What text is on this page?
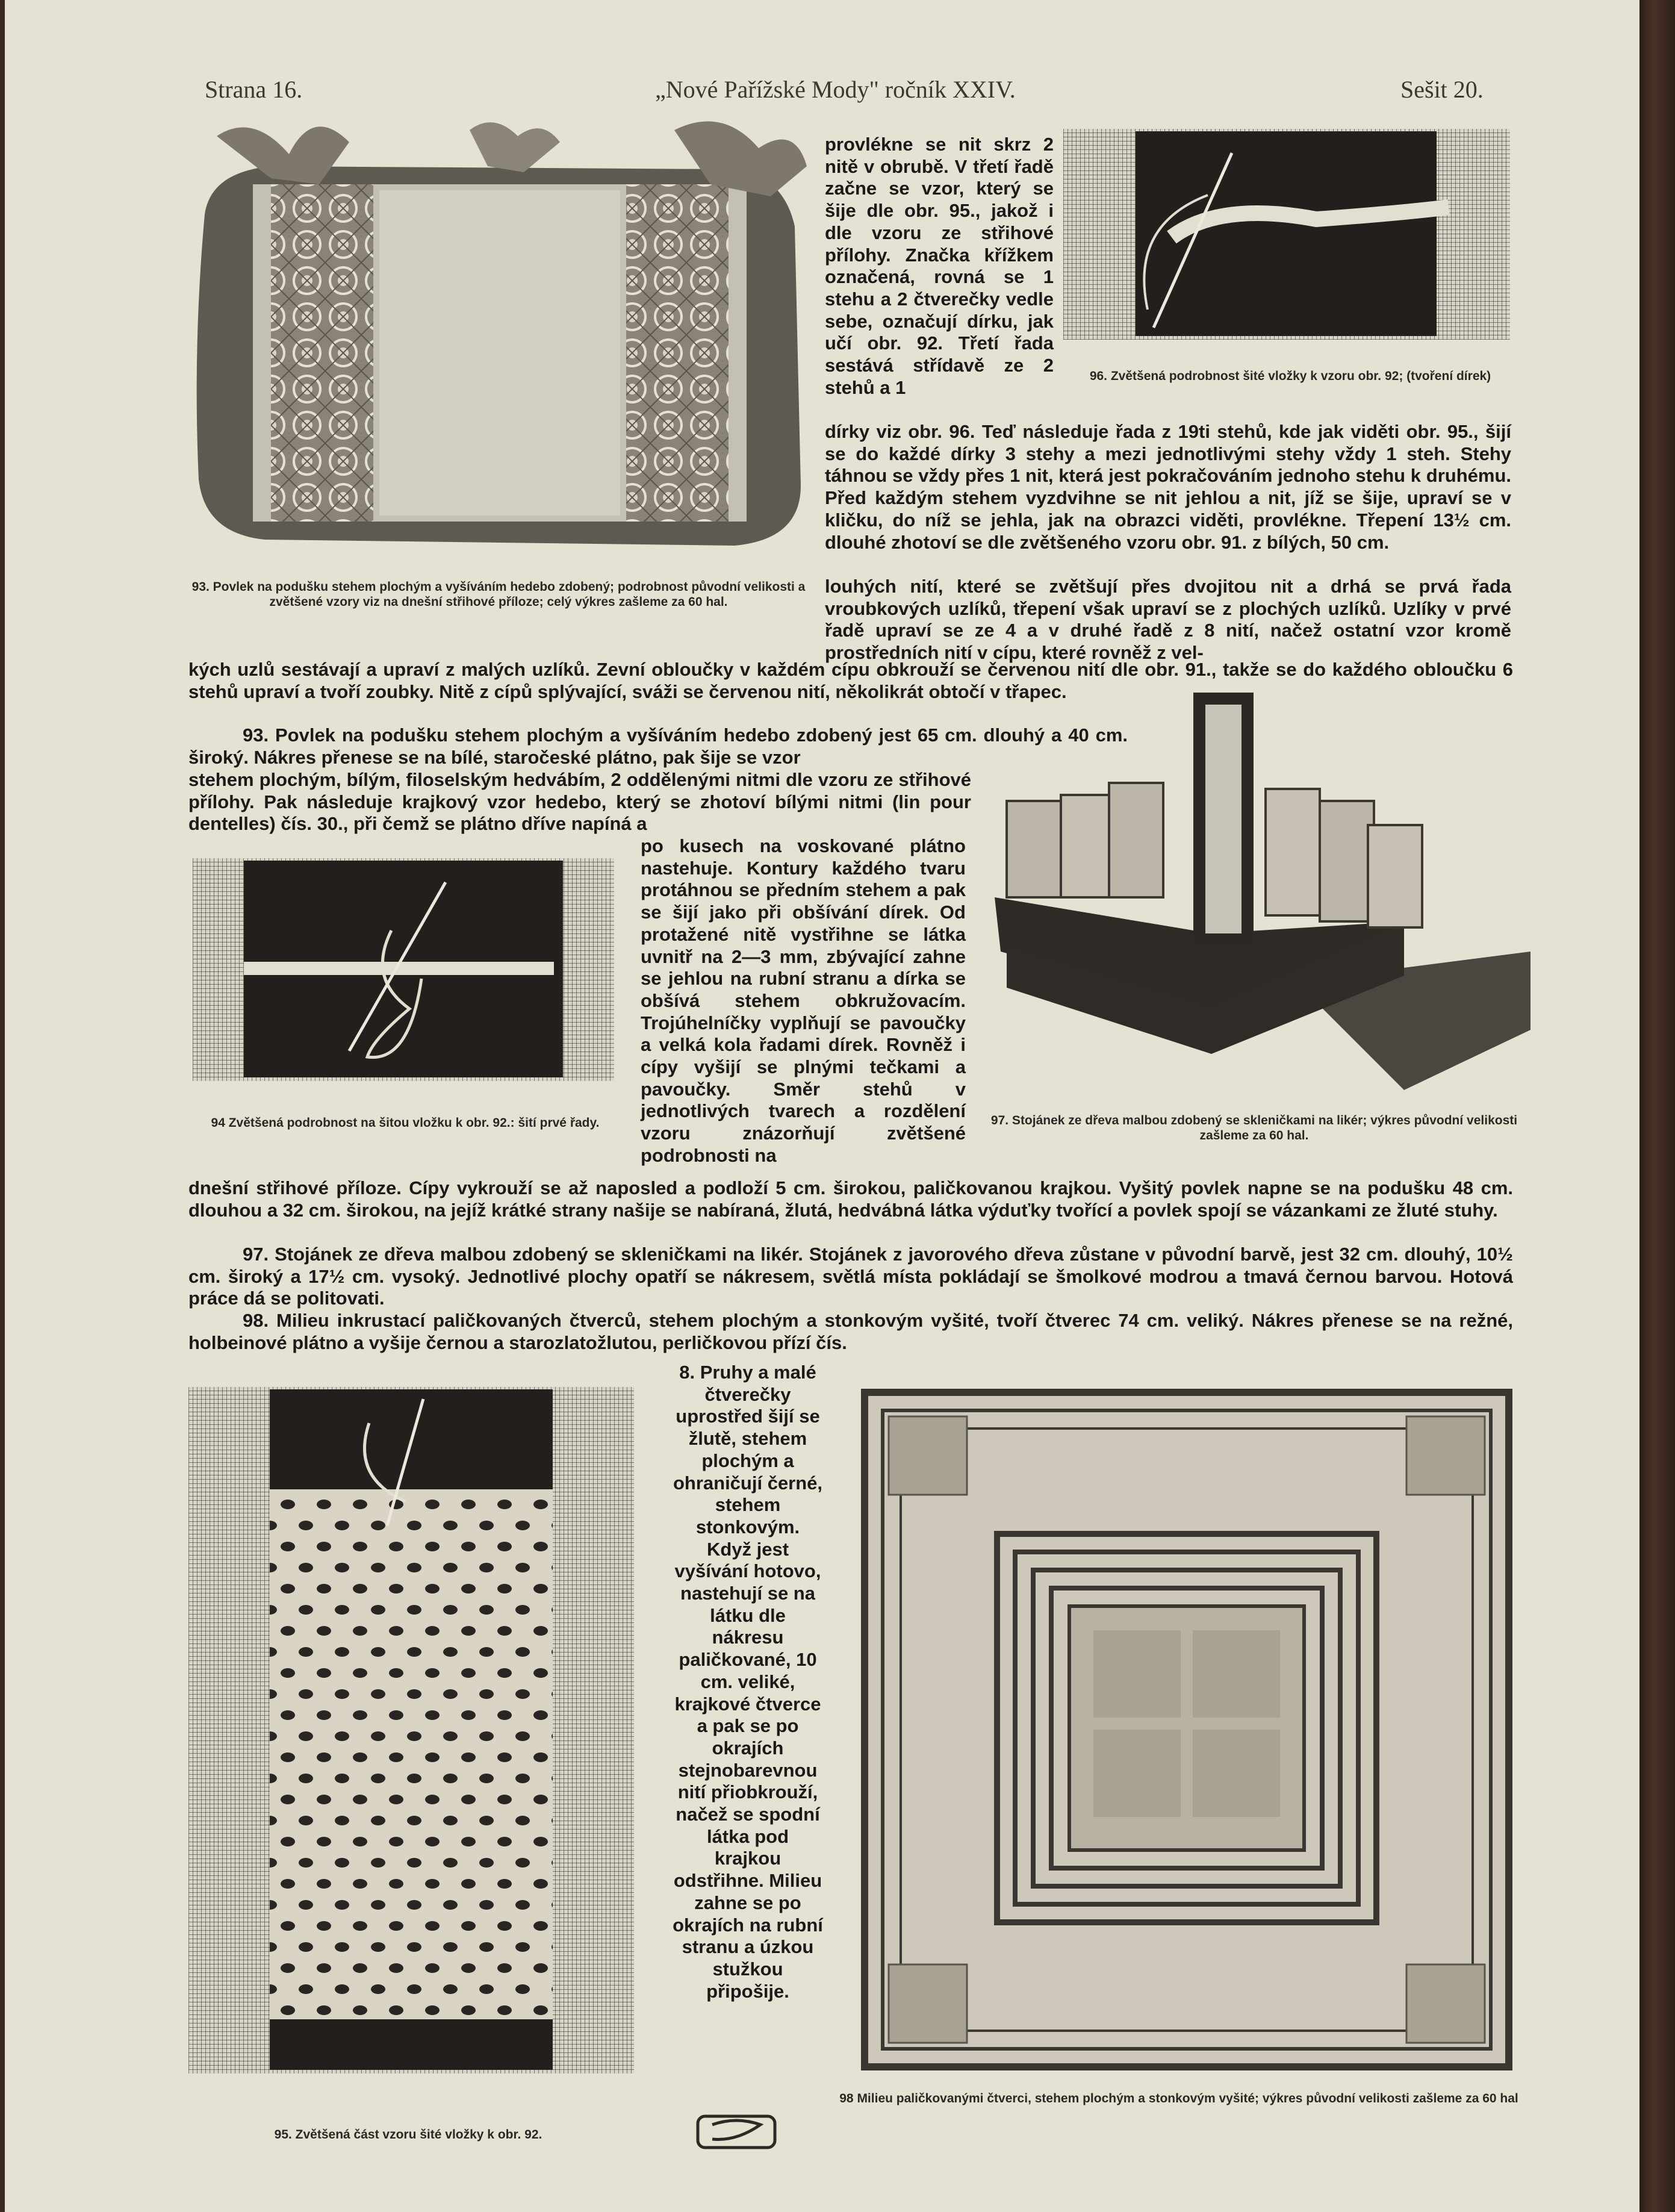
Strana 16.	„Nové Pařížské Mody" ročník XXIV.	Sešit 20.
93. Povlek na podušku stehem plochým a vyšíváním hedebo zdobený; podrobnost původní velikosti a zvětšené vzory viz na dnešní střihové příloze; celý výkres zašleme za 60 hal.

provlékne se nit skrz 2 nitě v obrubě. V třetí řadě začne se vzor, který se šije dle obr. 95., jakož i dle vzoru ze střihové přílohy. Značka křížkem označená, rovná se 1 stehu a 2 čtverečky vedle sebe, označují dírku, jak učí obr. 92. Třetí řada sestává střídavě ze 2 stehů a 1

96. Zvětšená podrobnost šité vložky k vzoru obr. 92; (tvoření dírek)

dírky viz obr. 96. Teď následuje řada z 19ti stehů, kde jak viděti obr. 95., šijí se do každé dírky 3 stehy a mezi jednotlivými stehy vždy 1 steh. Stehy táhnou se vždy přes 1 nit, která jest pokračováním jednoho stehu k druhému. Před každým stehem vyzdvihne se nit jehlou a nit, jíž se šije, upraví se v kličku, do níž se jehla, jak na obrazci viděti, provlékne. Třepení 13½ cm. dlouhé zhotoví se dle zvětšeného vzoru obr. 91. z bílých, 50 cm.

louhých nití, které se zvětšují přes dvojitou nit a drhá se prvá řada vroubkových uzlíků, třepení však upraví se z plochých uzlíků. Uzlíky v prvé řadě upraví se ze 4 a v druhé řadě z 8 nití, načež ostatní vzor kromě prostředních nití v cípu, které rovněž z vel-

kých uzlů sestávají a upraví z malých uzlíků. Zevní obloučky v každém cípu obkrouží se červenou nití dle obr. 91., takže se do každého obloučku 6 stehů upraví a tvoří zoubky. Nitě z cípů splývající, sváži se červenou nití, několikrát obtočí v třapec.

93. Povlek na podušku stehem plochým a vyšíváním hedebo zdobený jest 65 cm. dlouhý a 40 cm. široký. Nákres přenese se na bílé, staročeské plátno, pak šije se vzor

stehem plochým, bílým, filoselským hedvábím, 2 oddělenými nitmi dle vzoru ze střihové přílohy. Pak následuje krajkový vzor hedebo, který se zhotoví bílými nitmi (lin pour dentelles) čís. 30., při čemž se plátno dříve napíná a

94 Zvětšená podrobnost na šitou vložku k obr. 92.: šití prvé řady.

po kusech na voskované plátno nastehuje. Kontury každého tvaru protáhnou se předním stehem a pak se šijí jako při obšívání dírek. Od protažené nitě vystřihne se látka uvnitř na 2—3 mm, zbývající zahne se jehlou na rubní stranu a dírka se obšívá stehem obkružovacím. Trojúhelníčky vyplňují se pavoučky a velká kola řadami dírek. Rovněž i cípy vyšijí se plnými tečkami a pavoučky. Směr stehů v jednotlivých tvarech a rozdělení vzoru znázorňují zvětšené podrobnosti na

97. Stojánek ze dřeva malbou zdobený se skleničkami na likér; výkres původní velikosti zašleme za 60 hal.

dnešní střihové příloze. Cípy vykrouží se až naposled a podloží 5 cm. širokou, paličkovanou krajkou. Vyšitý povlek napne se na podušku 48 cm. dlouhou a 32 cm. širokou, na jejíž krátké strany našije se nabíraná, žlutá, hedvábná látka výduťky tvořící a povlek spojí se vázankami ze žluté stuhy.

97. Stojánek ze dřeva malbou zdobený se skleničkami na likér. Stojánek z javorového dřeva zůstane v původní barvě, jest 32 cm. dlouhý, 10½ cm. široký a 17½ cm. vysoký. Jednotlivé plochy opatří se nákresem, světlá místa pokládají se šmolkové modrou a tmavá černou barvou. Hotová práce dá se politovati.

98. Milieu inkrustací paličkovaných čtverců, stehem plochým a stonkovým vyšité, tvoří čtverec 74 cm. veliký. Nákres přenese se na režné, holbeinové plátno a vyšije černou a starozlatožlutou, perličkovou přízí čís.

95. Zvětšená část vzoru šité vložky k obr. 92.

8. Pruhy a malé čtverečky uprostřed šijí se žlutě, stehem plochým a ohraničují černé, stehem stonkovým. Když jest vyšívání hotovo, nastehují se na látku dle nákresu paličkované, 10 cm. veliké, krajkové čtverce a pak se po okrajích stejnobarevnou nití přiobkrouží, načež se spodní látka pod krajkou odstřihne. Milieu zahne se po okrajích na rubní stranu a úzkou stužkou připošije.

98 Milieu paličkovanými čtverci, stehem plochým a stonkovým vyšité; výkres původní velikosti zašleme za 60 hal
